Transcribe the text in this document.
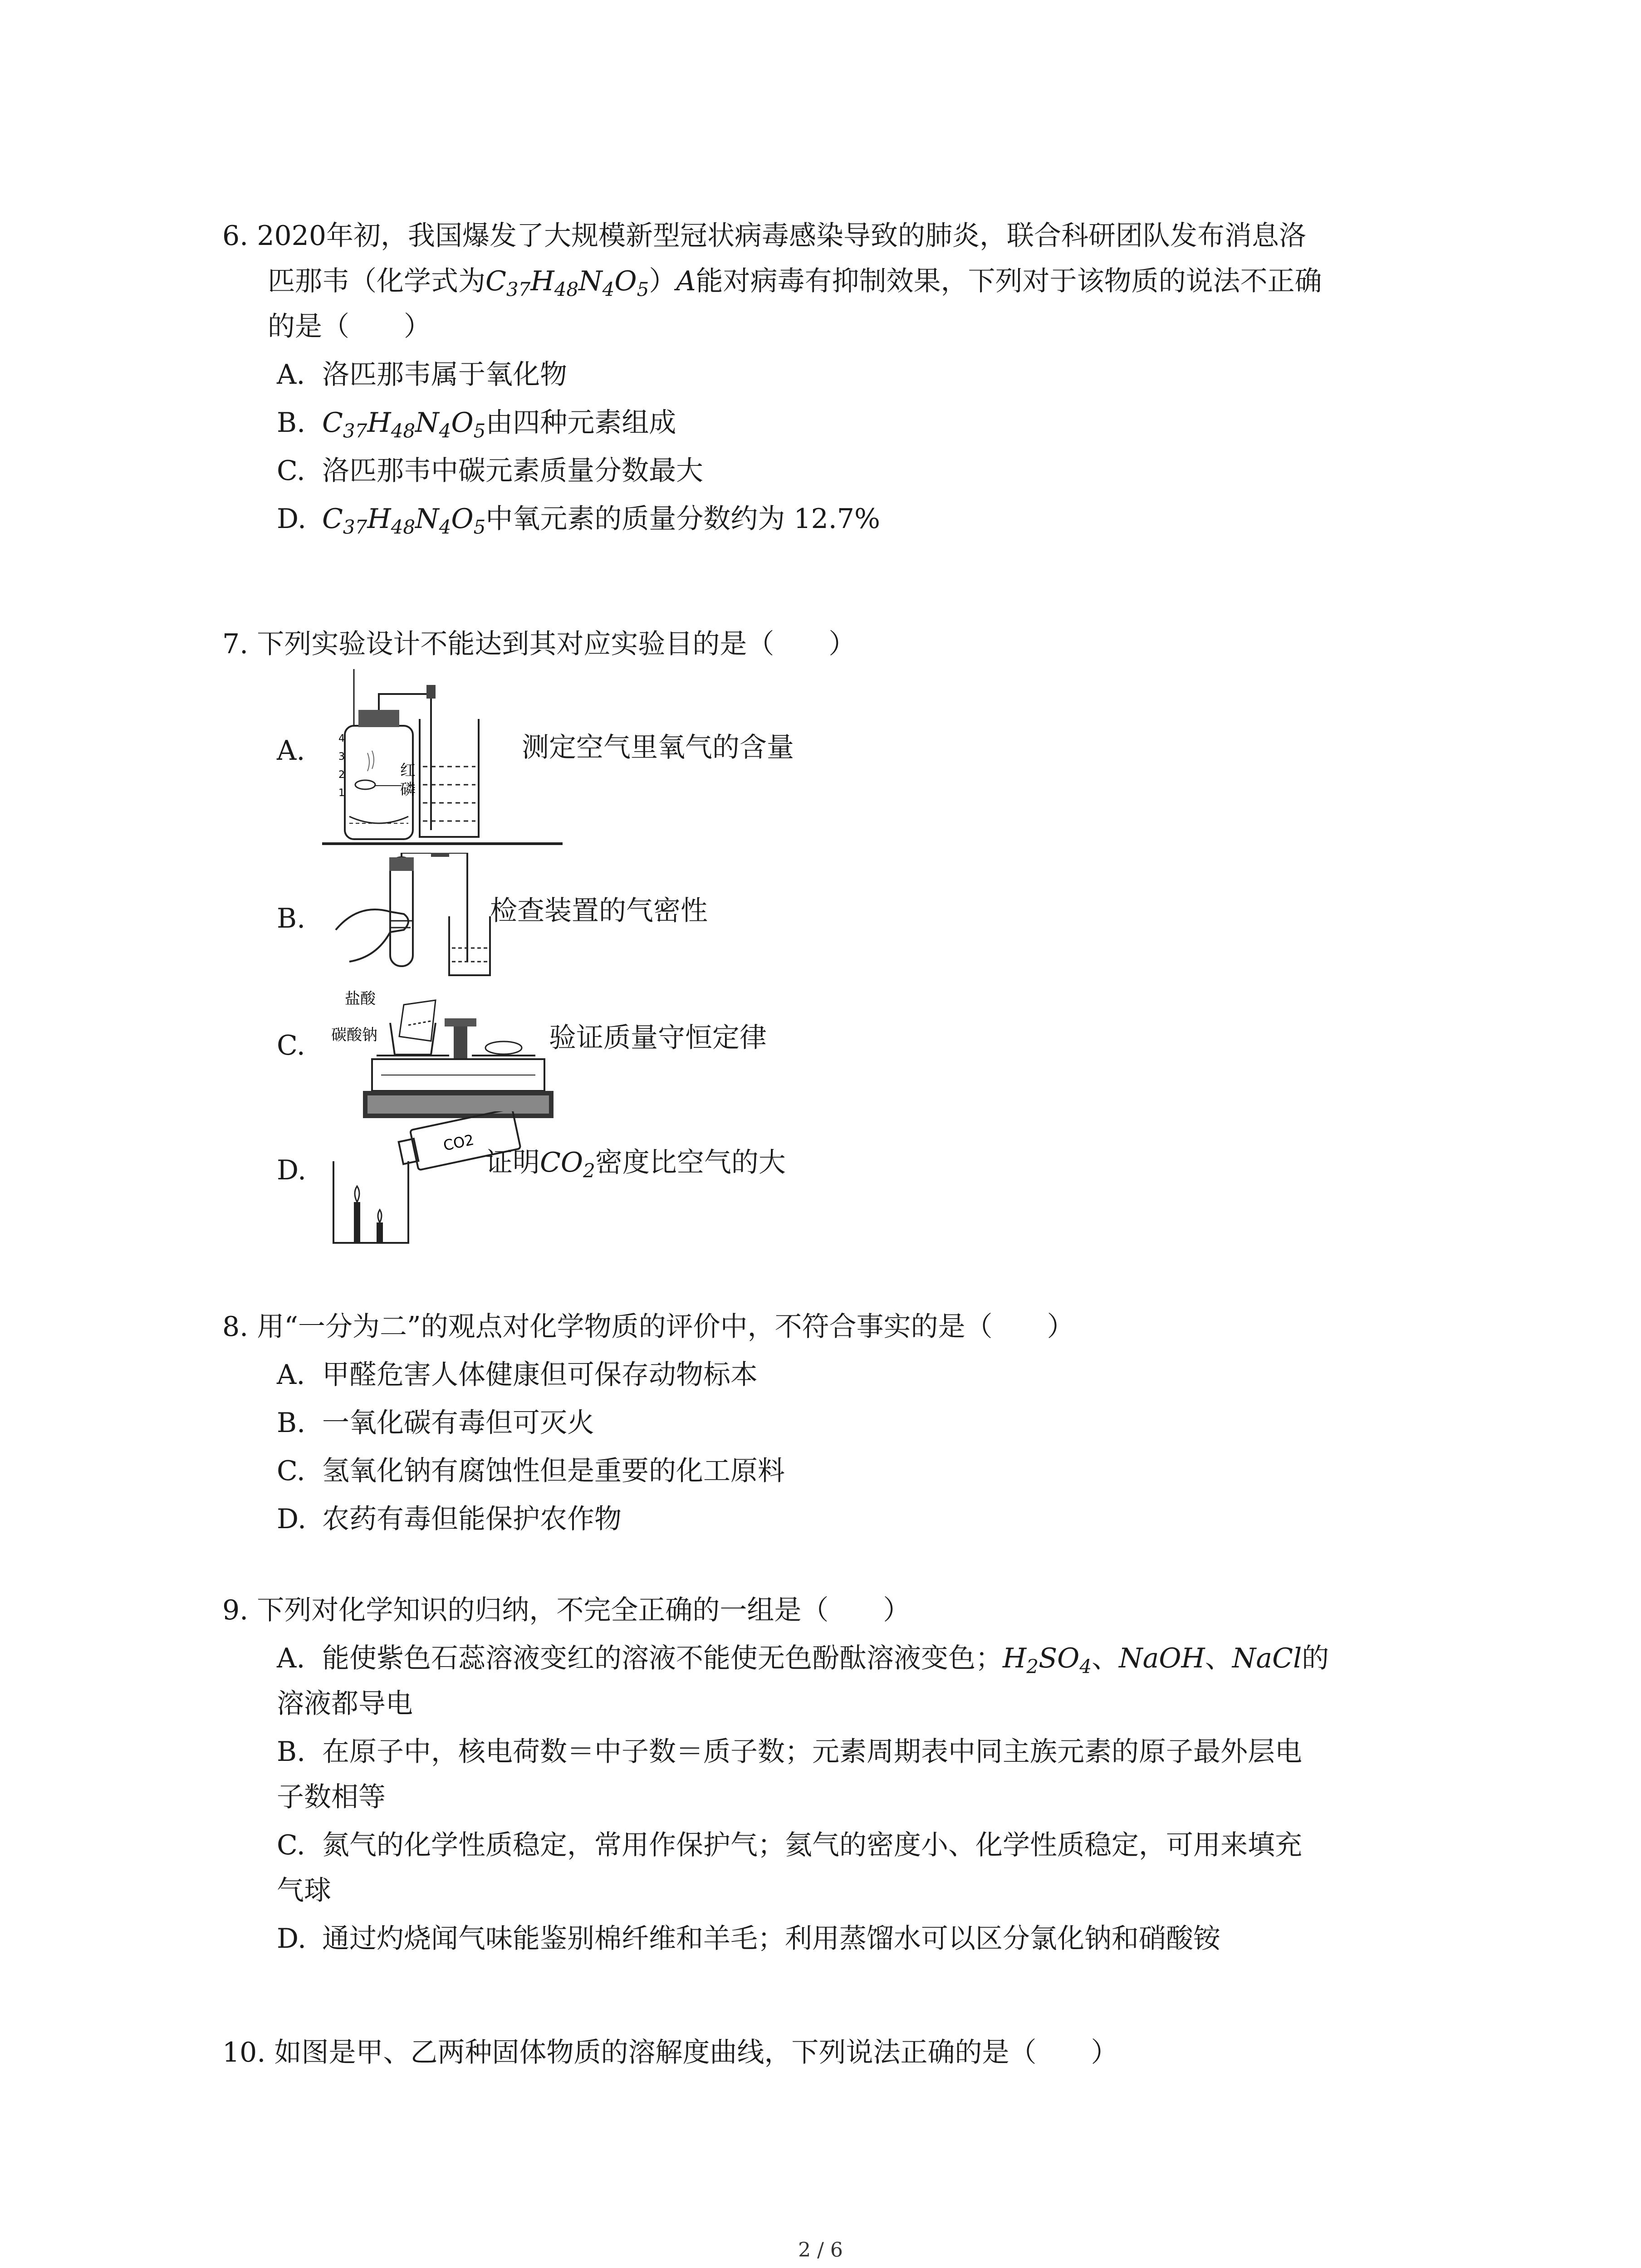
6. 2020年初，我国爆发了大规模新型冠状病毒感染导致的肺炎，联合科研团队发布消息洛

匹那韦（化学式为$C_{37}H_{48}N_4O_5)A$能对病毒有抑制效果，下列对于该物质的说法不正确
的是（　　）
A. 洛匹那韦属于氧化物
B. $C_{37}H_{48}N_4O_5$由四种元素组成
C. 洛匹那韦中碳元素质量分数最大
D. $C_{37}H_{48}N_4O_5$中氧元素的质量分数约为 12.7%

7. 下列实验设计不能达到其对应实验目的是（　　）

A.	4
3
2
1
红
磷
测定空气里氧气的含量
B.	检查装置的气密性
C.
盐酸
碳酸钠	验证质量守恒定律
D.
CO2
证明$CO_2$密度比空气的大

8. 用“一分为二”的观点对化学物质的评价中，不符合事实的是（　　）

A. 甲醛危害人体健康但可保存动物标本
B. 一氧化碳有毒但可灭火
C. 氢氧化钠有腐蚀性但是重要的化工原料
D. 农药有毒但能保护农作物

9. 下列对化学知识的归纳，不完全正确的一组是（　　）

A. 能使紫色石蕊溶液变红的溶液不能使无色酚酞溶液变色；$H_2SO_4$、NaOH、NaCl的
溶液都导电
B. 在原子中，核电荷数＝中子数＝质子数；元素周期表中同主族元素的原子最外层电
子数相等
C. 氮气的化学性质稳定，常用作保护气；氦气的密度小、化学性质稳定，可用来填充
气球
D. 通过灼烧闻气味能鉴别棉纤维和羊毛；利用蒸馏水可以区分氯化钠和硝酸铵

10. 如图是甲、乙两种固体物质的溶解度曲线，下列说法正确的是（　　）

2 / 6
